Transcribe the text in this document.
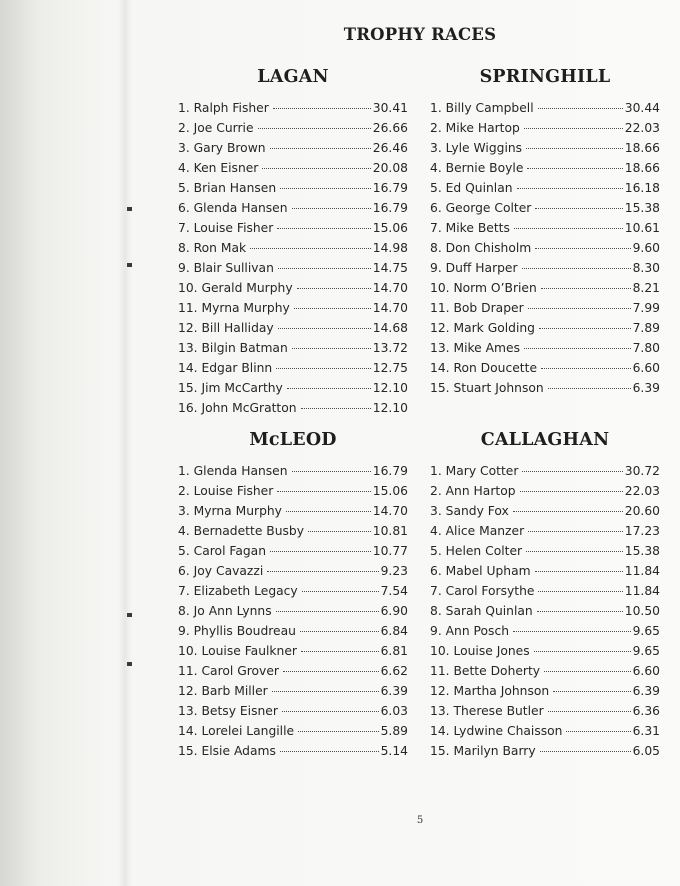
TROPHY RACES
LAGAN
1. Ralph Fisher	30.41
2. Joe Currie	26.66
3. Gary Brown	26.46
4. Ken Eisner	20.08
5. Brian Hansen	16.79
6. Glenda Hansen	16.79
7. Louise Fisher	15.06
8. Ron Mak	14.98
9. Blair Sullivan	14.75
10. Gerald Murphy	14.70
11. Myrna Murphy	14.70
12. Bill Halliday	14.68
13. Bilgin Batman	13.72
14. Edgar Blinn	12.75
15. Jim McCarthy	12.10
16. John McGratton	12.10
SPRINGHILL
1. Billy Campbell	30.44
2. Mike Hartop	22.03
3. Lyle Wiggins	18.66
4. Bernie Boyle	18.66
5. Ed Quinlan	16.18
6. George Colter	15.38
7. Mike Betts	10.61
8. Don Chisholm	9.60
9. Duff Harper	8.30
10. Norm O’Brien	8.21
11. Bob Draper	7.99
12. Mark Golding	7.89
13. Mike Ames	7.80
14. Ron Doucette	6.60
15. Stuart Johnson	6.39
McLEOD
1. Glenda Hansen	16.79
2. Louise Fisher	15.06
3. Myrna Murphy	14.70
4. Bernadette Busby	10.81
5. Carol Fagan	10.77
6. Joy Cavazzi	9.23
7. Elizabeth Legacy	7.54
8. Jo Ann Lynns	6.90
9. Phyllis Boudreau	6.84
10. Louise Faulkner	6.81
11. Carol Grover	6.62
12. Barb Miller	6.39
13. Betsy Eisner	6.03
14. Lorelei Langille	5.89
15. Elsie Adams	5.14
CALLAGHAN
1. Mary Cotter	30.72
2. Ann Hartop	22.03
3. Sandy Fox	20.60
4. Alice Manzer	17.23
5. Helen Colter	15.38
6. Mabel Upham	11.84
7. Carol Forsythe	11.84
8. Sarah Quinlan	10.50
9. Ann Posch	9.65
10. Louise Jones	9.65
11. Bette Doherty	6.60
12. Martha Johnson	6.39
13. Therese Butler	6.36
14. Lydwine Chaisson	6.31
15. Marilyn Barry	6.05
5
